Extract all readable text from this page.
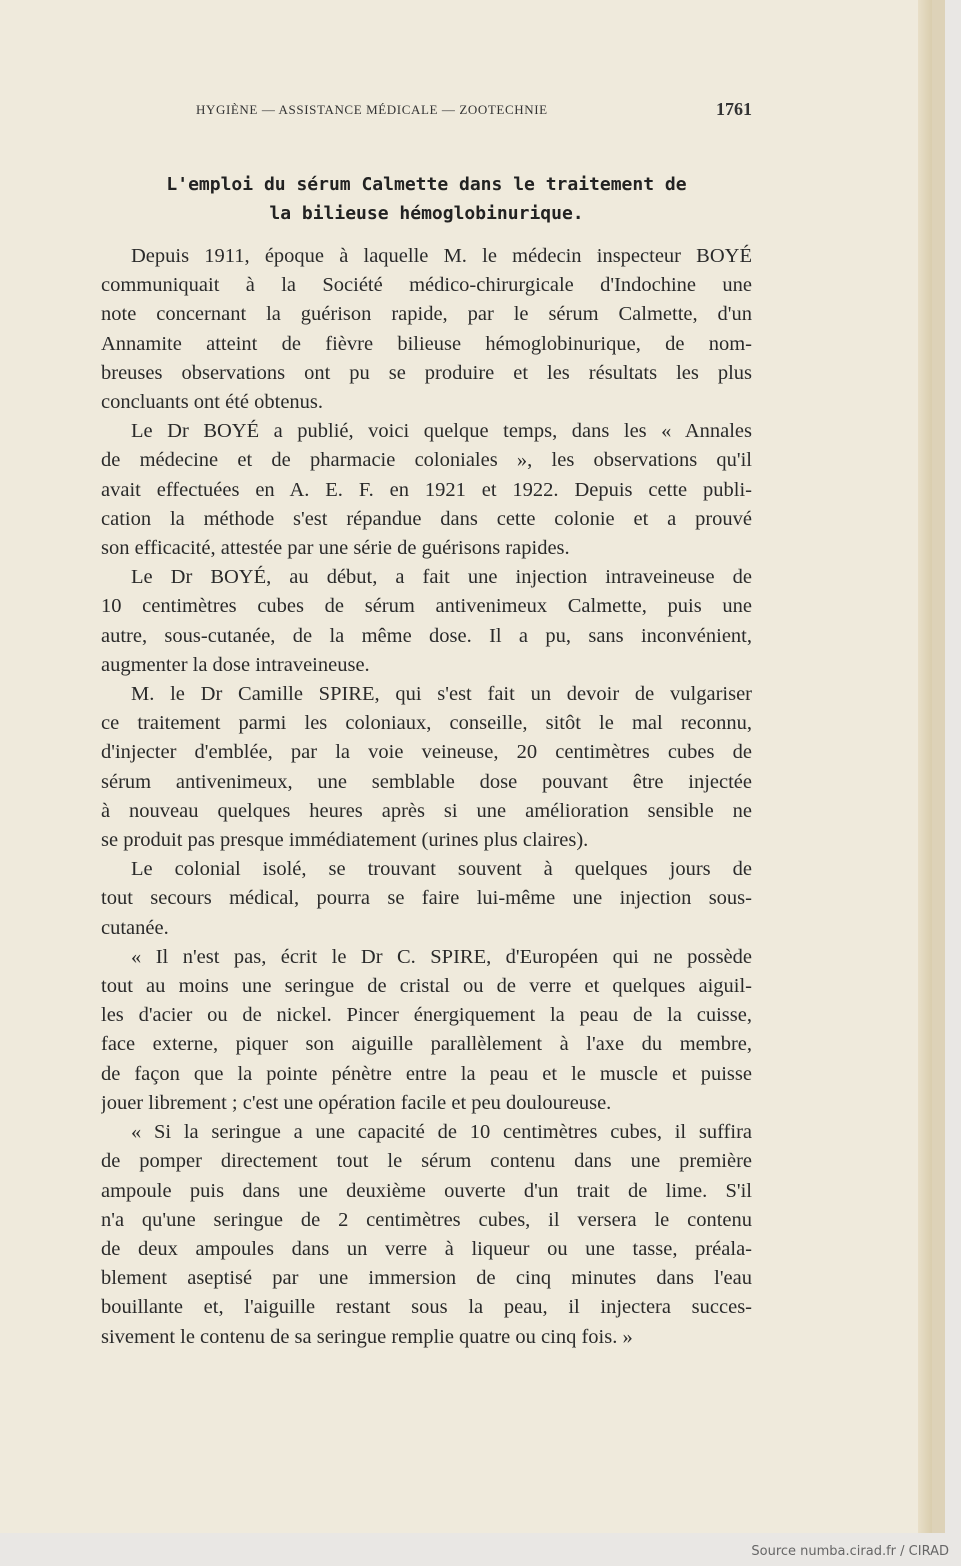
HYGIÈNE — ASSISTANCE MÉDICALE — ZOOTECHNIE	1761
L'emploi du sérum Calmette dans le traitement de
la bilieuse hémoglobinurique.
Depuis 1911, époque à laquelle M. le médecin inspecteur BOYÉ
communiquait à la Société médico-chirurgicale d'Indochine une
note concernant la guérison rapide, par le sérum Calmette, d'un
Annamite atteint de fièvre bilieuse hémoglobinurique, de nom-
breuses observations ont pu se produire et les résultats les plus
concluants ont été obtenus.
Le Dr BOYÉ a publié, voici quelque temps, dans les « Annales
de médecine et de pharmacie coloniales », les observations qu'il
avait effectuées en A. E. F. en 1921 et 1922. Depuis cette publi-
cation la méthode s'est répandue dans cette colonie et a prouvé
son efficacité, attestée par une série de guérisons rapides.
Le Dr BOYÉ, au début, a fait une injection intraveineuse de
10 centimètres cubes de sérum antivenimeux Calmette, puis une
autre, sous-cutanée, de la même dose. Il a pu, sans inconvénient,
augmenter la dose intraveineuse.
M. le Dr Camille SPIRE, qui s'est fait un devoir de vulgariser
ce traitement parmi les coloniaux, conseille, sitôt le mal reconnu,
d'injecter d'emblée, par la voie veineuse, 20 centimètres cubes de
sérum antivenimeux, une semblable dose pouvant être injectée
à nouveau quelques heures après si une amélioration sensible ne
se produit pas presque immédiatement (urines plus claires).
Le colonial isolé, se trouvant souvent à quelques jours de
tout secours médical, pourra se faire lui-même une injection sous-
cutanée.
« Il n'est pas, écrit le Dr C. SPIRE, d'Européen qui ne possède
tout au moins une seringue de cristal ou de verre et quelques aiguil-
les d'acier ou de nickel. Pincer énergiquement la peau de la cuisse,
face externe, piquer son aiguille parallèlement à l'axe du membre,
de façon que la pointe pénètre entre la peau et le muscle et puisse
jouer librement ; c'est une opération facile et peu douloureuse.
« Si la seringue a une capacité de 10 centimètres cubes, il suffira
de pomper directement tout le sérum contenu dans une première
ampoule puis dans une deuxième ouverte d'un trait de lime. S'il
n'a qu'une seringue de 2 centimètres cubes, il versera le contenu
de deux ampoules dans un verre à liqueur ou une tasse, préala-
blement aseptisé par une immersion de cinq minutes dans l'eau
bouillante et, l'aiguille restant sous la peau, il injectera succes-
sivement le contenu de sa seringue remplie quatre ou cinq fois. »
Source numba.cirad.fr / CIRAD
